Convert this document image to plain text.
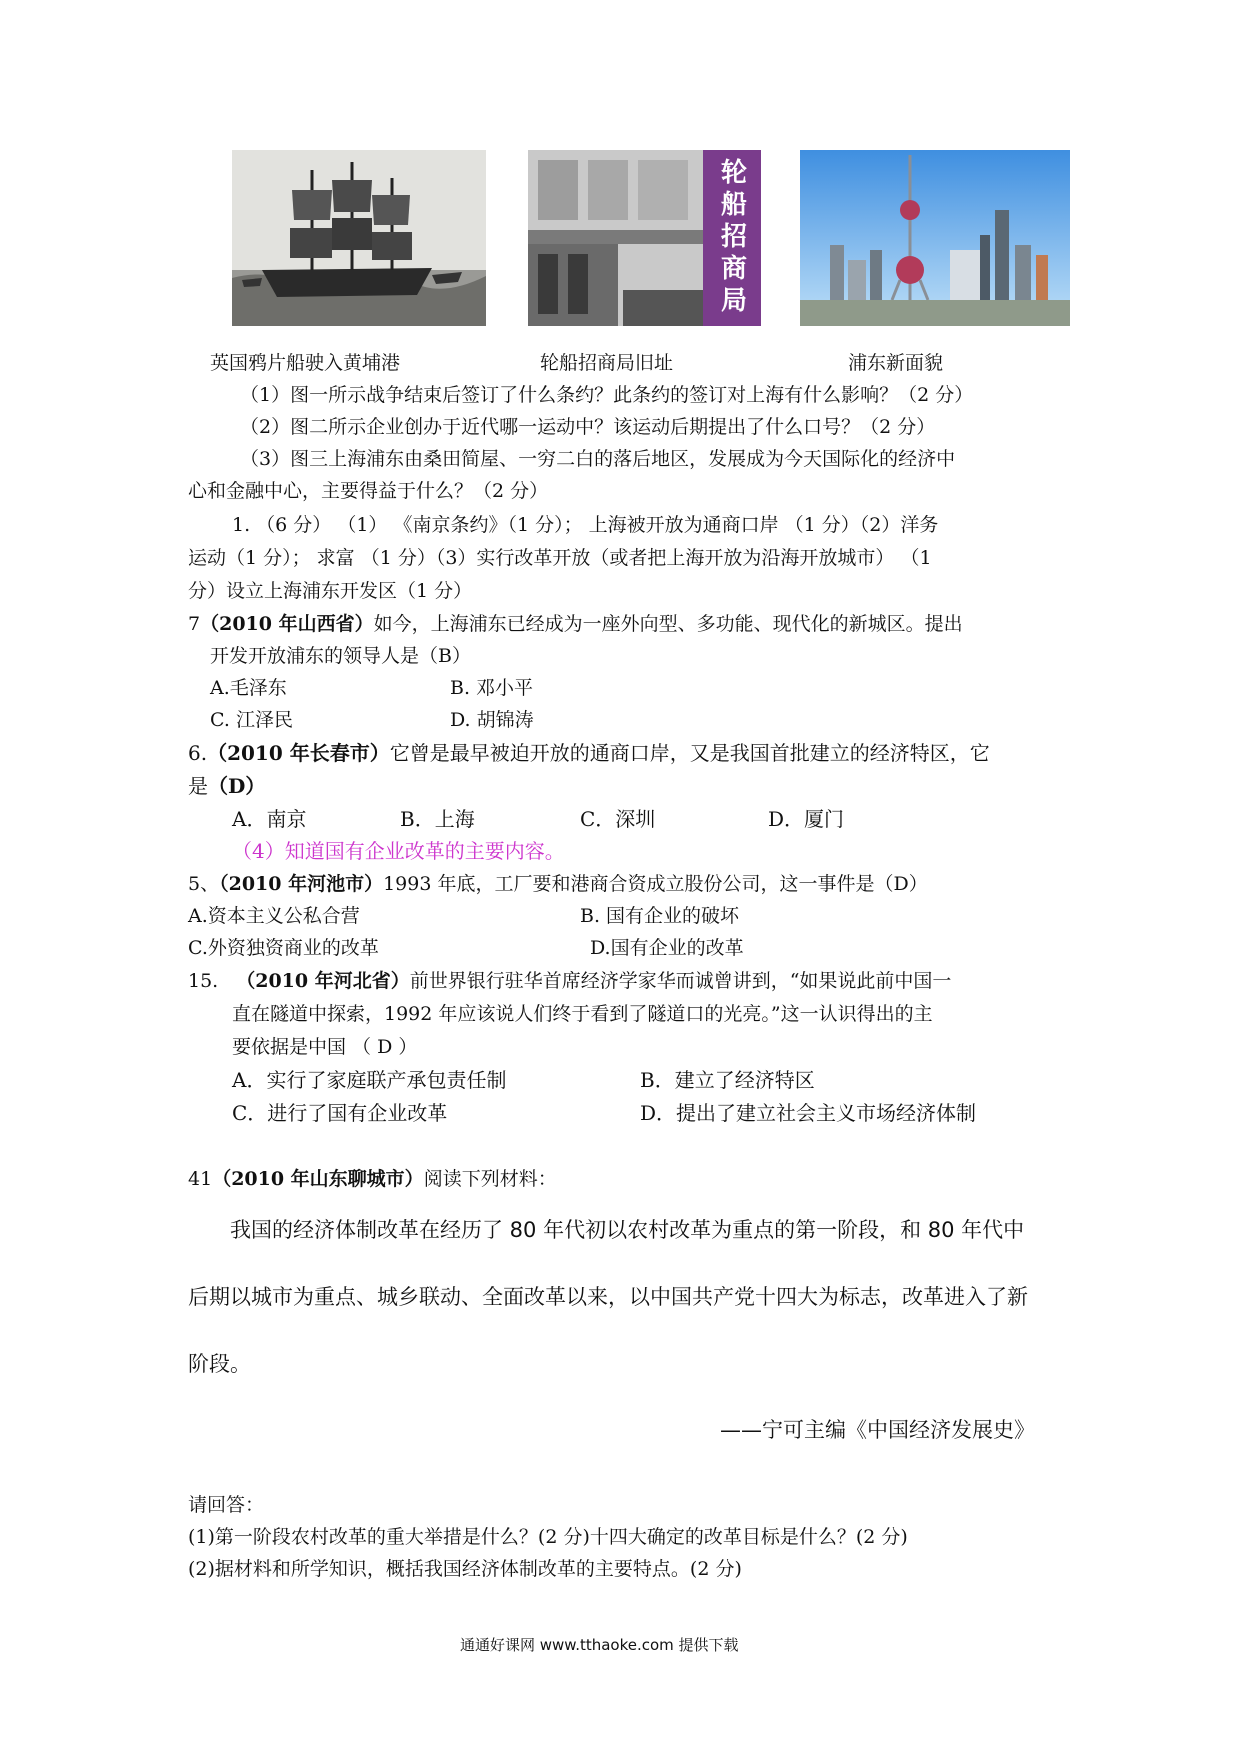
轮船招商局
英国鸦片船驶入黄埔港	轮船招商局旧址	浦东新面貌
（1）图一所示战争结束后签订了什么条约？此条约的签订对上海有什么影响？（2 分）
（2）图二所示企业创办于近代哪一运动中？该运动后期提出了什么口号？（2 分）
（3）图三上海浦东由桑田简屋、一穷二白的落后地区，发展成为今天国际化的经济中
心和金融中心，主要得益于什么？（2 分）
1. （6 分） （1） 《南京条约》（1 分）； 上海被开放为通商口岸 （1 分）（2）洋务
运动（1 分）； 求富 （1 分）（3）实行改革开放（或者把上海开放为沿海开放城市） （1
分）设立上海浦东开发区（1 分）
7（2010 年山西省）如今，上海浦东已经成为一座外向型、多功能、现代化的新城区。提出
开发开放浦东的领导人是（B）
A.毛泽东	B. 邓小平
C. 江泽民	D. 胡锦涛
6.（2010 年长春市）它曾是最早被迫开放的通商口岸，又是我国首批建立的经济特区，它
是（D）
A．南京	B．上海	C．深圳	D．厦门
（4）知道国有企业改革的主要内容。
5、（2010 年河池市）1993 年底，工厂要和港商合资成立股份公司，这一事件是（D）
A.资本主义公私合营	B. 国有企业的破坏
C.外资独资商业的改革	D.国有企业的改革
15. （2010 年河北省）前世界银行驻华首席经济学家华而诚曾讲到，“如果说此前中国一
直在隧道中探索，1992 年应该说人们终于看到了隧道口的光亮。”这一认识得出的主
要依据是中国 （ D ）
A．实行了家庭联产承包责任制	B．建立了经济特区
C．进行了国有企业改革	D．提出了建立社会主义市场经济体制
41（2010 年山东聊城市）阅读下列材料：
我国的经济体制改革在经历了 80 年代初以农村改革为重点的第一阶段，和 80 年代中
后期以城市为重点、城乡联动、全面改革以来，以中国共产党十四大为标志，改革进入了新
阶段。
——宁可主编《中国经济发展史》
请回答：
(1)第一阶段农村改革的重大举措是什么？(2 分)十四大确定的改革目标是什么？(2 分)
(2)据材料和所学知识，概括我国经济体制改革的主要特点。(2 分)
通通好课网 www.tthaoke.com 提供下载
